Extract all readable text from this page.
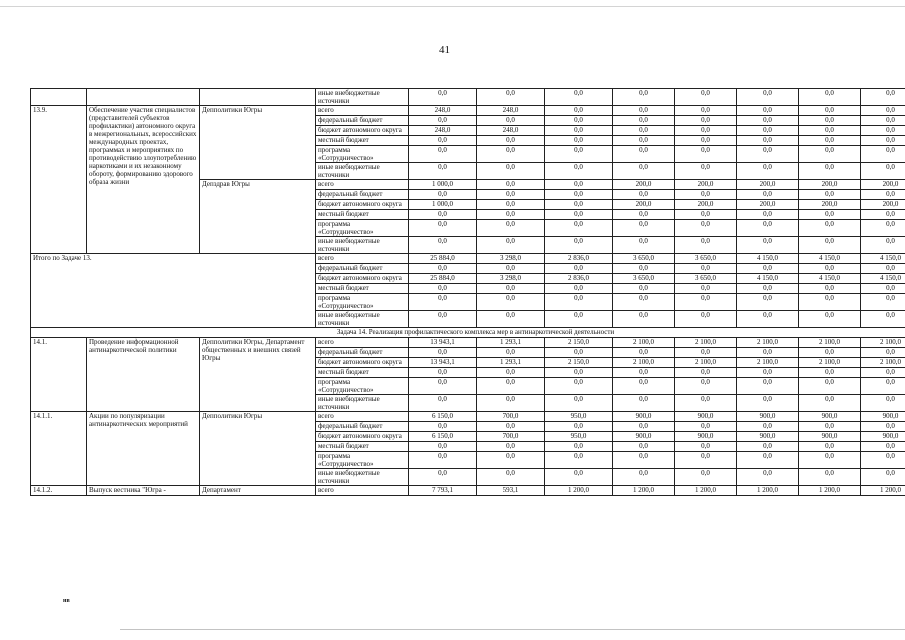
41
			иные внебюджетные источники	0,0	0,0	0,0	0,0	0,0	0,0	0,0	0,0
13.9.	Обеспечение участия специалистов (представителей субъектов профилактики) автономного округа в межрегиональных, всероссийских международных проектах, программах и мероприятиях по противодействию злоупотреблению наркотиками и их незаконному обороту, формированию здорового образа жизни	Депполитики Югры	всего	248,0	248,0	0,0	0,0	0,0	0,0	0,0	0,0
			федеральный бюджет	0,0	0,0	0,0	0,0	0,0	0,0	0,0	0,0
			бюджет автономного округа	248,0	248,0	0,0	0,0	0,0	0,0	0,0	0,0
			местный бюджет	0,0	0,0	0,0	0,0	0,0	0,0	0,0	0,0
			программа «Сотрудничество»	0,0	0,0	0,0	0,0	0,0	0,0	0,0	0,0
			иные внебюджетные источники	0,0	0,0	0,0	0,0	0,0	0,0	0,0	0,0
		Депздрав Югры	всего	1 000,0	0,0	0,0	200,0	200,0	200,0	200,0	200,0
			федеральный бюджет	0,0	0,0	0,0	0,0	0,0	0,0	0,0	0,0
			бюджет автономного округа	1 000,0	0,0	0,0	200,0	200,0	200,0	200,0	200,0
			местный бюджет	0,0	0,0	0,0	0,0	0,0	0,0	0,0	0,0
			программа «Сотрудничество»	0,0	0,0	0,0	0,0	0,0	0,0	0,0	0,0
			иные внебюджетные источники	0,0	0,0	0,0	0,0	0,0	0,0	0,0	0,0
Итого по Задаче 13.			всего	25 884,0	3 298,0	2 836,0	3 650,0	3 650,0	4 150,0	4 150,0	4 150,0
			федеральный бюджет	0,0	0,0	0,0	0,0	0,0	0,0	0,0	0,0
			бюджет автономного округа	25 884,0	3 298,0	2 836,0	3 650,0	3 650,0	4 150,0	4 150,0	4 150,0
			местный бюджет	0,0	0,0	0,0	0,0	0,0	0,0	0,0	0,0
			программа «Сотрудничество»	0,0	0,0	0,0	0,0	0,0	0,0	0,0	0,0
			иные внебюджетные источники	0,0	0,0	0,0	0,0	0,0	0,0	0,0	0,0
Задача 14. Реализация профилактического комплекса мер в антинаркотической деятельности											
14.1.	Проведение информационной антинаркотической политики	Депполитики Югры, Департамент общественных и внешних связей Югры	всего	13 943,1	1 293,1	2 150,0	2 100,0	2 100,0	2 100,0	2 100,0	2 100,0
			федеральный бюджет	0,0	0,0	0,0	0,0	0,0	0,0	0,0	0,0
			бюджет автономного округа	13 943,1	1 293,1	2 150,0	2 100,0	2 100,0	2 100,0	2 100,0	2 100,0
			местный бюджет	0,0	0,0	0,0	0,0	0,0	0,0	0,0	0,0
			программа «Сотрудничество»	0,0	0,0	0,0	0,0	0,0	0,0	0,0	0,0
			иные внебюджетные источники	0,0	0,0	0,0	0,0	0,0	0,0	0,0	0,0
14.1.1.	Акции по популяризации антинаркотических мероприятий	Депполитики Югры	всего	6 150,0	700,0	950,0	900,0	900,0	900,0	900,0	900,0
			федеральный бюджет	0,0	0,0	0,0	0,0	0,0	0,0	0,0	0,0
			бюджет автономного округа	6 150,0	700,0	950,0	900,0	900,0	900,0	900,0	900,0
			местный бюджет	0,0	0,0	0,0	0,0	0,0	0,0	0,0	0,0
			программа «Сотрудничество»	0,0	0,0	0,0	0,0	0,0	0,0	0,0	0,0
			иные внебюджетные источники	0,0	0,0	0,0	0,0	0,0	0,0	0,0	0,0
14.1.2.	Выпуск вестника "Югра -	Департамент	всего	7 793,1	593,1	1 200,0	1 200,0	1 200,0	1 200,0	1 200,0	1 200,0
нв
